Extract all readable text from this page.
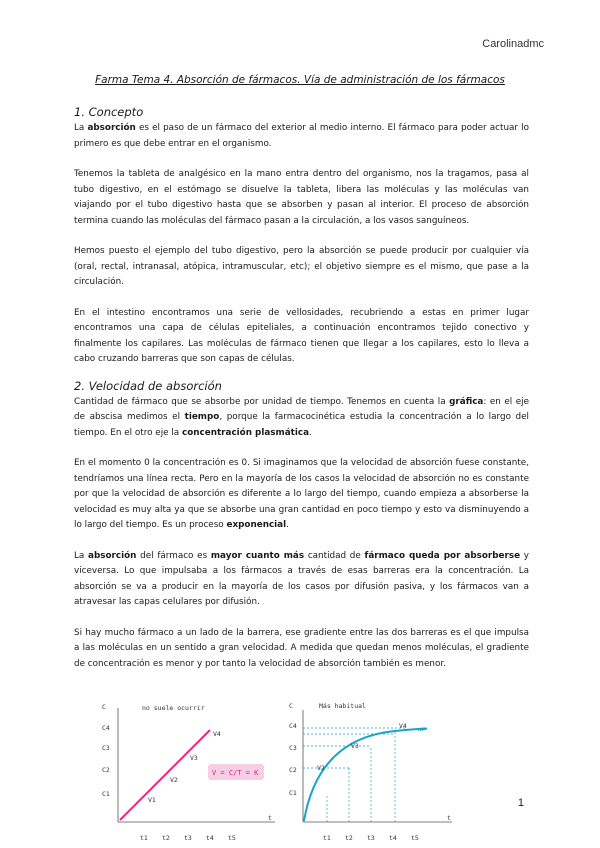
Carolinadmc
Farma Tema 4. Absorción de fármacos. Vía de administración de los fármacos
1. Concepto

La absorción es el paso de un fármaco del exterior al medio interno. El fármaco para poder actuar lo primero es que debe entrar en el organismo.

Tenemos la tableta de analgésico en la mano entra dentro del organismo, nos la tragamos, pasa al tubo digestivo, en el estómago se disuelve la tableta, libera las moléculas y las moléculas van viajando por el tubo digestivo hasta que se absorben y pasan al interior. El proceso de absorción termina cuando las moléculas del fármaco pasan a la circulación, a los vasos sanguíneos.

Hemos puesto el ejemplo del tubo digestivo, pero la absorción se puede producir por cualquier vía (oral, rectal, intranasal, atópica, intramuscular, etc); el objetivo siempre es el mismo, que pase a la circulación.

En el intestino encontramos una serie de vellosidades, recubriendo a estas en primer lugar encontramos una capa de células epiteliales, a continuación encontramos tejido conectivo y finalmente los capilares. Las moléculas de fármaco tienen que llegar a los capilares, esto lo lleva a cabo cruzando barreras que son capas de células.

2. Velocidad de absorción

Cantidad de fármaco que se absorbe por unidad de tiempo. Tenemos en cuenta la gráfica: en el eje de abscisa medimos el tiempo, porque la farmacocinética estudia la concentración a lo largo del tiempo. En el otro eje la concentración plasmática.

En el momento 0 la concentración es 0. Si imaginamos que la velocidad de absorción fuese constante, tendríamos una línea recta. Pero en la mayoría de los casos la velocidad de absorción no es constante por que la velocidad de absorción es diferente a lo largo del tiempo, cuando empieza a absorberse la velocidad es muy alta ya que se absorbe una gran cantidad en poco tiempo y esto va disminuyendo a lo largo del tiempo. Es un proceso exponencial.

La absorción del fármaco es mayor cuanto más cantidad de fármaco queda por absorberse y viceversa. Lo que impulsaba a los fármacos a través de esas barreras era la concentración. La absorción se va a producir en la mayoría de los casos por difusión pasiva, y los fármacos van a atravesar las capas celulares por difusión.

Si hay mucho fármaco a un lado de la barrera, ese gradiente entre las dos barreras es el que impulsa a las moléculas en un sentido a gran velocidad. A medida que quedan menos moléculas, el gradiente de concentración es menor y por tanto la velocidad de absorción también es menor.

C	no suele ocurrir
C4
C3
C2
C1
t1 t2 t3 t4 t5
t
V4
V3
V2
V1
V = C/T = K
C	Más habitual
C4
C3
C2
C1
t1 t2 t3 t4 t5
t
V4
V3
V2
1
